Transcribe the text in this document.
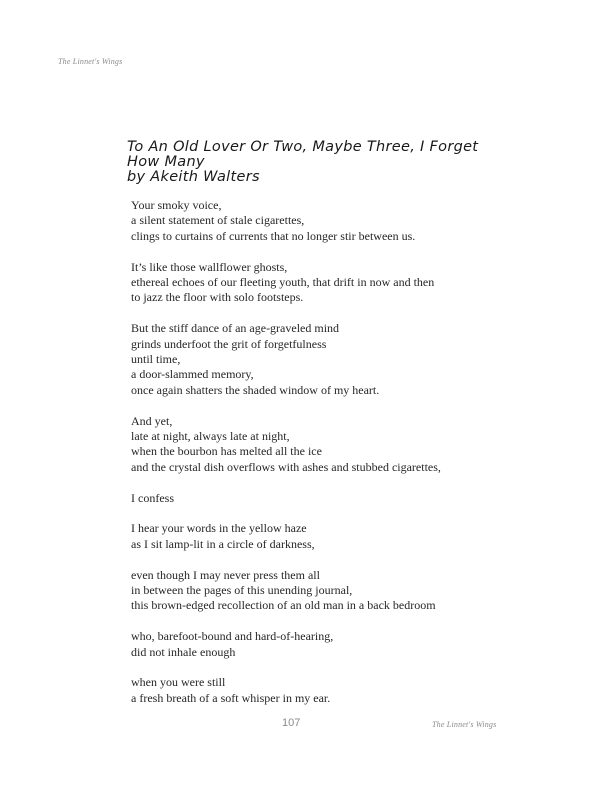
The Linnet's Wings
To An Old Lover Or Two, Maybe Three, I Forget
How Many
by Akeith Walters
Your smoky voice,
a silent statement of stale cigarettes,
clings to curtains of currents that no longer stir between us.
It’s like those wallflower ghosts,
ethereal echoes of our fleeting youth, that drift in now and then
to jazz the floor with solo footsteps.
But the stiff dance of an age-graveled mind
grinds underfoot the grit of forgetfulness
until time,
a door-slammed memory,
once again shatters the shaded window of my heart.
And yet,
late at night, always late at night,
when the bourbon has melted all the ice
and the crystal dish overflows with ashes and stubbed cigarettes,
I confess
I hear your words in the yellow haze
as I sit lamp-lit in a circle of darkness,
even though I may never press them all
in between the pages of this unending journal,
this brown-edged recollection of an old man in a back bedroom
who, barefoot-bound and hard-of-hearing,
did not inhale enough
when you were still
a fresh breath of a soft whisper in my ear.
107	The Linnet's Wings
